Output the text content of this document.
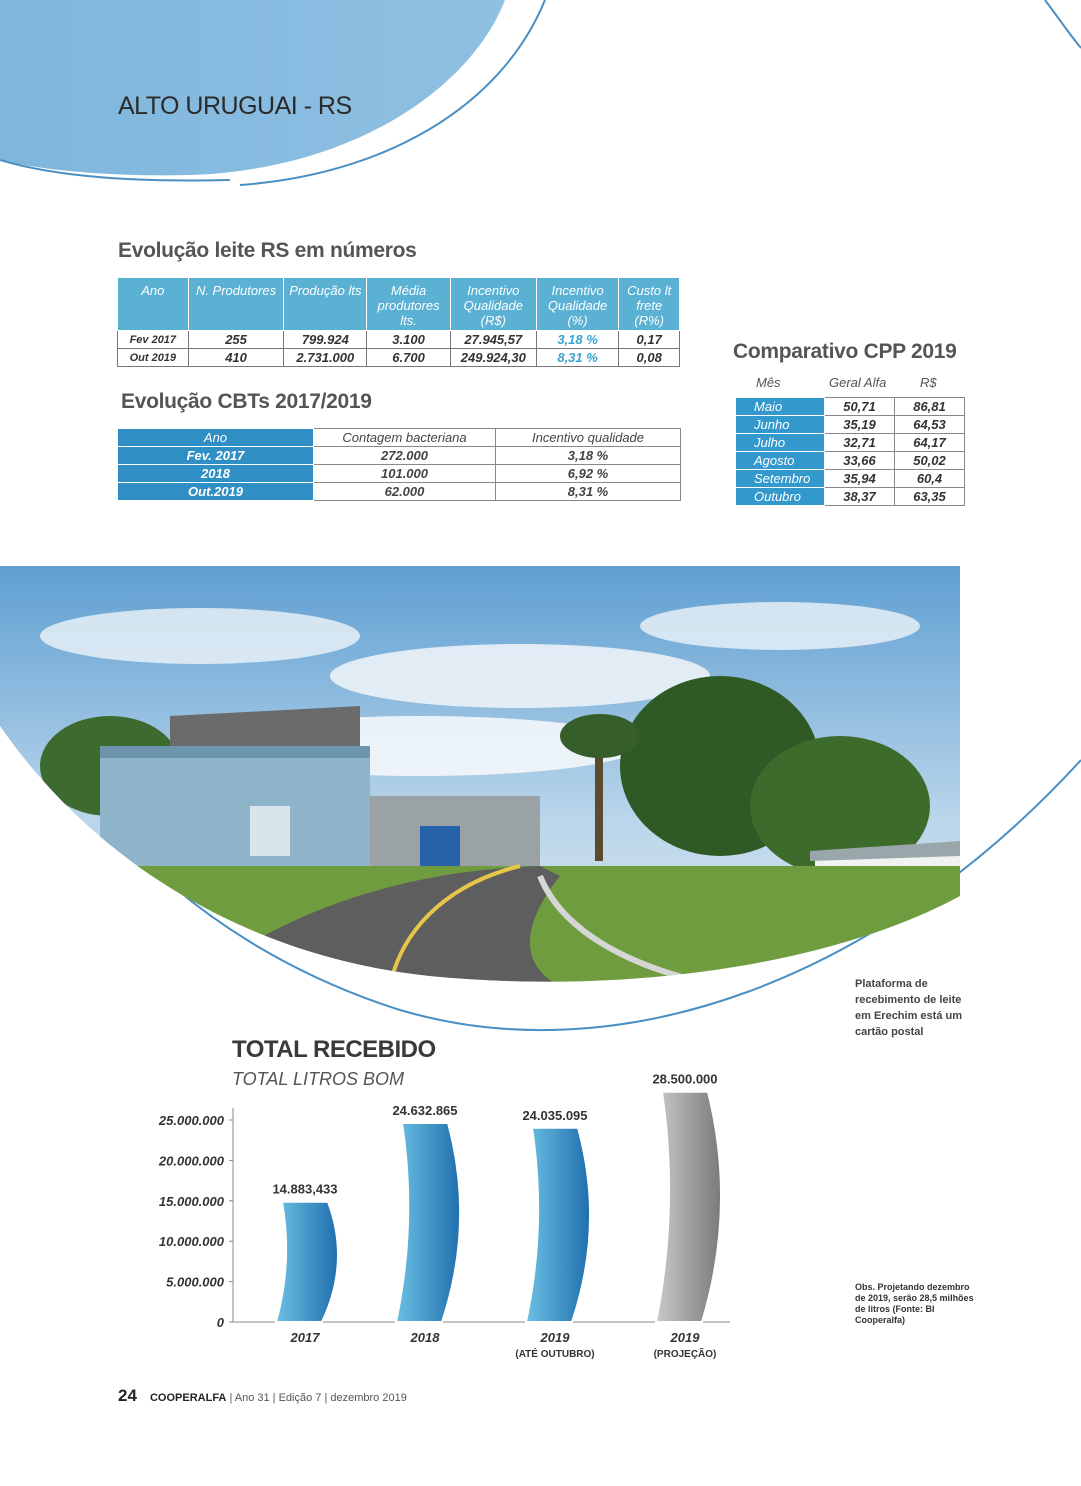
ALTO URUGUAI - RS
Evolução leite RS em números
Ano	N. Produtores	Produção lts	Média produtores lts.	Incentivo Qualidade (R$)	Incentivo Qualidade (%)	Custo lt frete (R%)
Fev 2017	255	799.924	3.100	27.945,57	3,18 %	0,17
Out 2019	410	2.731.000	6.700	249.924,30	8,31 %	0,08
Evolução CBTs 2017/2019
Ano	Contagem bacteriana	Incentivo qualidade
Fev. 2017	272.000	3,18 %
2018	101.000	6,92 %
Out.2019	62.000	8,31 %
Comparativo CPP 2019
Mês	Geral Alfa	R$
Maio	50,71	86,81
Junho	35,19	64,53
Julho	32,71	64,17
Agosto	33,66	50,02
Setembro	35,94	60,4
Outubro	38,37	63,35
Plataforma de recebimento de leite em Erechim está um cartão postal
TOTAL RECEBIDO
TOTAL LITROS BOM
0
5.000.000
10.000.000
15.000.000
20.000.000
25.000.000
14.883,433
2017
24.632.865
2018
24.035.095
2019
(ATÉ OUTUBRO)
28.500.000
2019
(PROJEÇÃO)
Obs. Projetando dezembro de 2019, serão 28,5 milhões de litros (Fonte: BI Cooperalfa)
24 COOPERALFA | Ano 31 | Edição 7 | dezembro 2019
